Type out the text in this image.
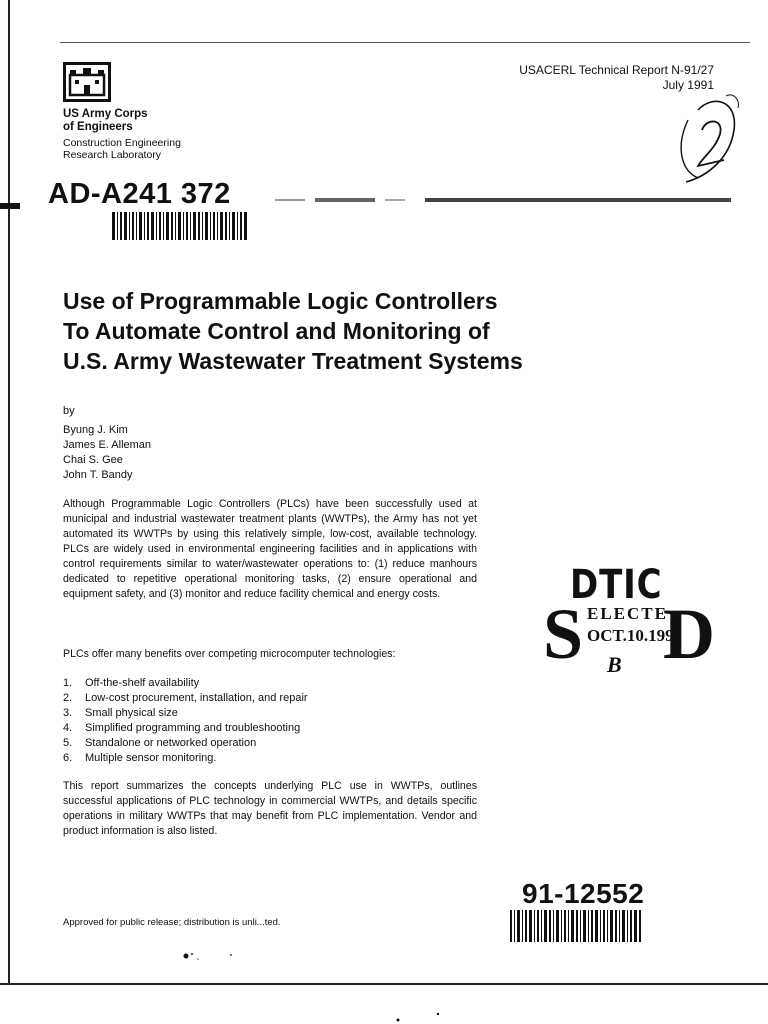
US Army Corps
of Engineers
Construction Engineering
Research Laboratory
USACERL Technical Report N-91/27
July 1991
AD-A241 372
Use of Programmable Logic Controllers
To Automate Control and Monitoring of
U.S. Army Wastewater Treatment Systems
by
Byung J. Kim
James E. Alleman
Chai S. Gee
John T. Bandy
Although Programmable Logic Controllers (PLCs) have been successfully used at municipal and industrial wastewater treatment plants (WWTPs), the Army has not yet automated its WWTPs by using this relatively simple, low-cost, available technology. PLCs are widely used in environmental engineering facilities and in applications with control requirements similar to water/wastewater operations to: (1) reduce manhours dedicated to repetitive operational monitoring tasks, (2) ensure operational and equipment safety, and (3) monitor and reduce facility chemical and energy costs.
PLCs offer many benefits over competing microcomputer technologies:
1.	Off-the-shelf availability
2.	Low-cost procurement, installation, and repair
3.	Small physical size
4.	Simplified programming and troubleshooting
5.	Standalone or networked operation
6.	Multiple sensor monitoring.
This report summarizes the concepts underlying PLC use in WWTPs, outlines successful applications of PLC technology in commercial WWTPs, and details specific operations in military WWTPs that may benefit from PLC implementation. Vendor and product information is also listed.
DTIC
S ELECTE
OCT.10.1991
B D
91-12552
Approved for public release; distribution is unli...ted.
